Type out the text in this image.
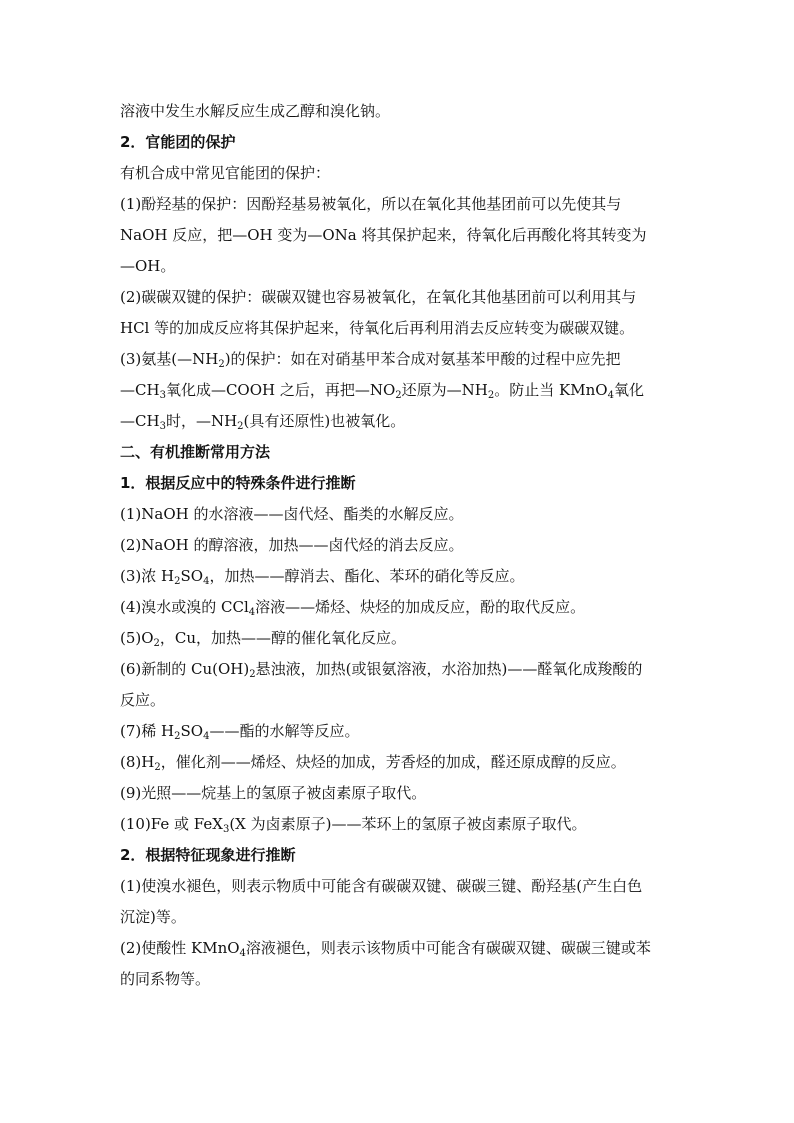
溶液中发生水解反应生成乙醇和溴化钠。
2．官能团的保护
有机合成中常见官能团的保护：
(1)酚羟基的保护：因酚羟基易被氧化，所以在氧化其他基团前可以先使其与
NaOH 反应，把—OH 变为—ONa 将其保护起来，待氧化后再酸化将其转变为
—OH。
(2)碳碳双键的保护：碳碳双键也容易被氧化，在氧化其他基团前可以利用其与
HCl 等的加成反应将其保护起来，待氧化后再利用消去反应转变为碳碳双键。
(3)氨基$(—NH_2)$的保护：如在对硝基甲苯合成对氨基苯甲酸的过程中应先把
$—CH_3$氧化成—COOH 之后，再把$—NO_2$还原为$—NH_2$。防止当 KMnO$_4$氧化
$—CH_3$时，$—NH_2$(具有还原性)也被氧化。
二、有机推断常用方法
1．根据反应中的特殊条件进行推断
(1)NaOH 的水溶液——卤代烃、酯类的水解反应。
(2)NaOH 的醇溶液，加热——卤代烃的消去反应。
(3)浓 $H_2SO_4$，加热——醇消去、酯化、苯环的硝化等反应。
(4)溴水或溴的 CCl$_4$溶液——烯烃、炔烃的加成反应，酚的取代反应。
$(5)O_2$，Cu，加热——醇的催化氧化反应。
(6)新制的 $Cu(OH)_2$悬浊液，加热(或银氨溶液，水浴加热)——醛氧化成羧酸的
反应。
(7)稀 $H_2SO_4——$酯的水解等反应。
$(8)H_2$，催化剂——烯烃、炔烃的加成，芳香烃的加成，醛还原成醇的反应。
(9)光照——烷基上的氢原子被卤素原子取代。
(10)Fe 或 FeX$_3$(X 为卤素原子)——苯环上的氢原子被卤素原子取代。
2．根据特征现象进行推断
(1)使溴水褪色，则表示物质中可能含有碳碳双键、碳碳三键、酚羟基(产生白色
沉淀)等。
(2)使酸性 KMnO$_4$溶液褪色，则表示该物质中可能含有碳碳双键、碳碳三键或苯
的同系物等。
